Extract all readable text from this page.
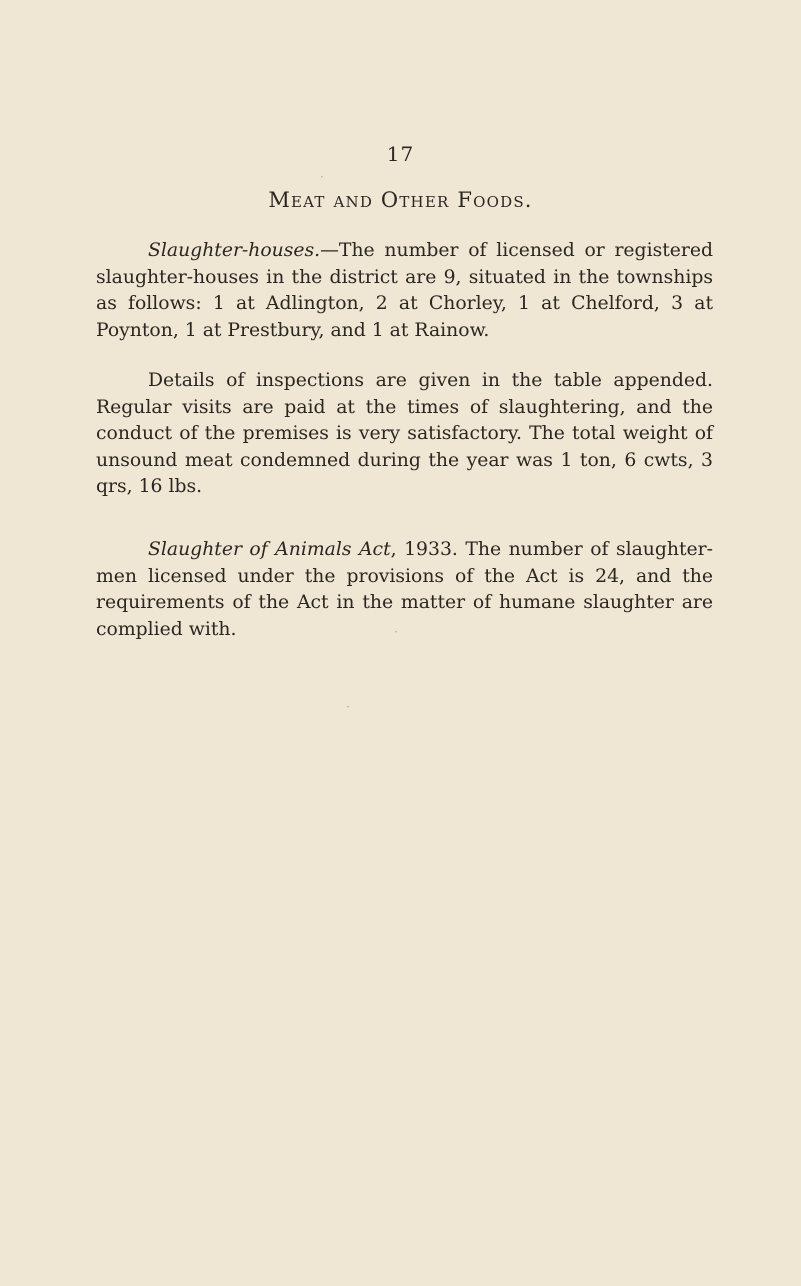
17
Meat and Other Foods.

Slaughter-houses.—The number of licensed or registered slaughter-houses in the district are 9, situated in the townships as follows: 1 at Adlington, 2 at Chorley, 1 at Chelford, 3 at Poynton, 1 at Prestbury, and 1 at Rainow.

Details of inspections are given in the table appended. Regular visits are paid at the times of slaughtering, and the conduct of the premises is very satisfactory. The total weight of unsound meat condemned during the year was 1 ton, 6 cwts, 3 qrs, 16 lbs.

Slaughter of Animals Act, 1933. The number of slaughter-men licensed under the provisions of the Act is 24, and the requirements of the Act in the matter of humane slaughter are complied with.

·
·
·
